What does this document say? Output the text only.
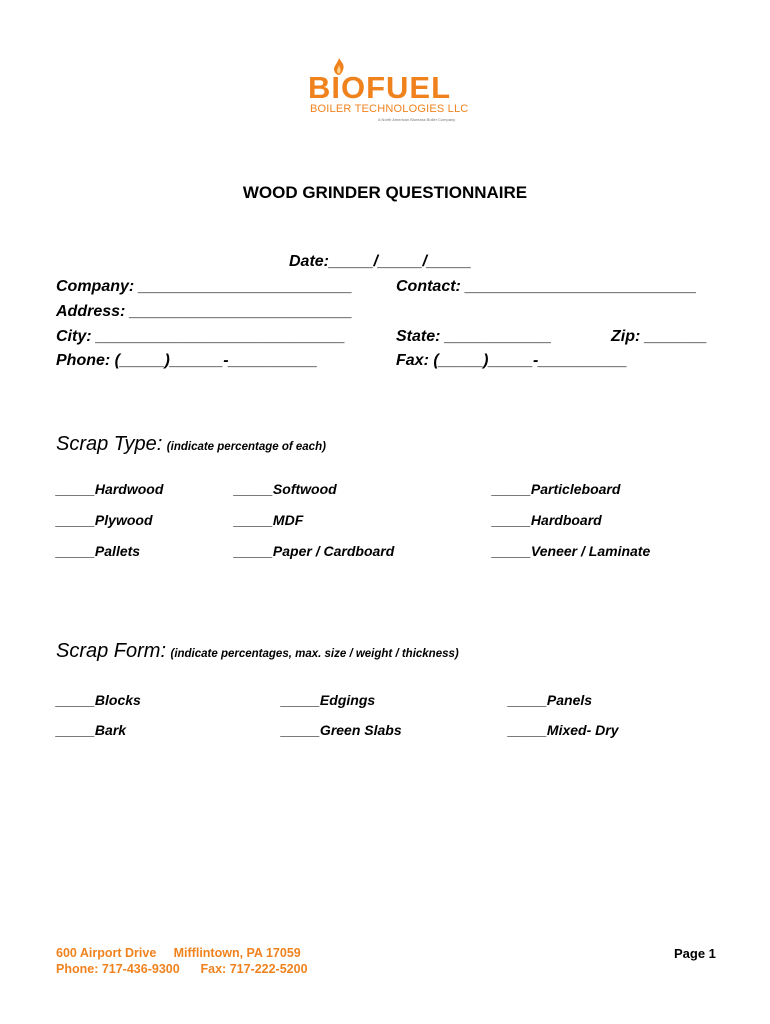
BIOFUEL
BOILER TECHNOLOGIES LLC
A North American Biomass Boiler Company
WOOD GRINDER QUESTIONNAIRE
Date:_____/_____/_____
Company: ________________________	Contact: __________________________
Address: _________________________
City: ____________________________	State: ____________	Zip: _______
Phone: (_____)______-__________	Fax: (_____)_____-__________
Scrap Type: (indicate percentage of each)
_____Hardwood	_____Softwood	_____Particleboard
_____Plywood	_____MDF	_____Hardboard
_____Pallets	_____Paper / Cardboard	_____Veneer / Laminate
Scrap Form: (indicate percentages, max. size / weight / thickness)
_____Blocks	_____Edgings	_____Panels
_____Bark	_____Green Slabs	_____Mixed- Dry
600 Airport Drive     Mifflintown, PA 17059
Phone: 717-436-9300      Fax: 717-222-5200
Page 1
